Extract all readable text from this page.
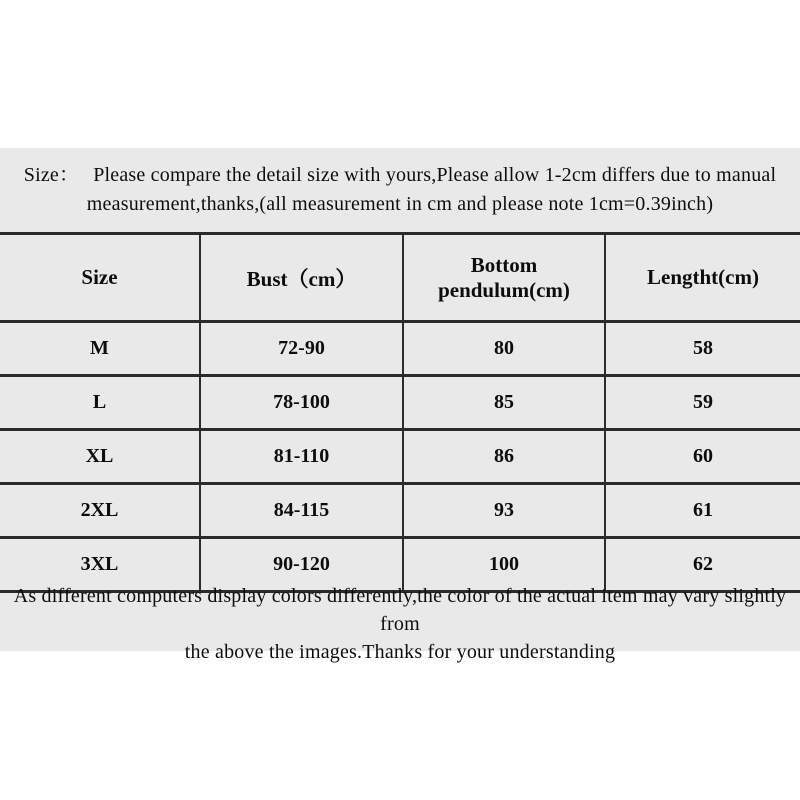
Size： Please compare the detail size with yours,Please allow 1-2cm differs due to manual
measurement,thanks,(all measurement in cm and please note 1cm=0.39inch)
Size	Bust（cm）	Bottom pendulum(cm)	Lengtht(cm)
M	72-90	80	58
L	78-100	85	59
XL	81-110	86	60
2XL	84-115	93	61
3XL	90-120	100	62
As different computers display colors differently,the color of the actual item may vary slightly from
the above the images.Thanks for your understanding
